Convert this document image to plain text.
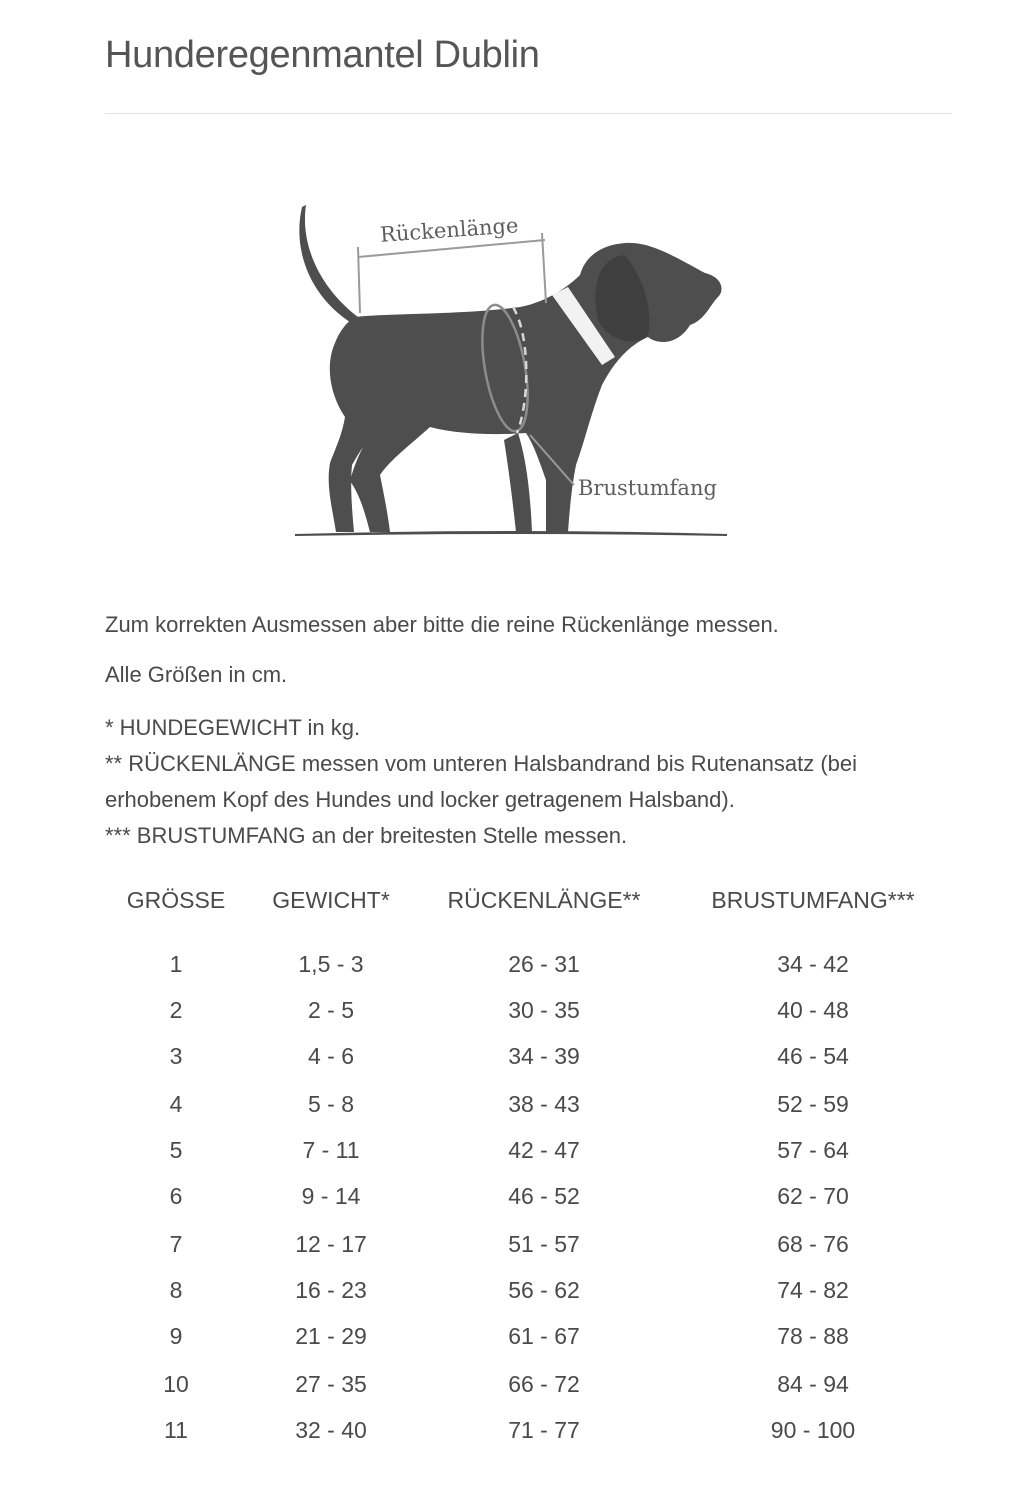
Hunderegenmantel Dublin
Rückenlänge
Brustumfang

Zum korrekten Ausmessen aber bitte die reine Rückenlänge messen.

Alle Größen in cm.

* HUNDEGEWICHT in kg.
** RÜCKENLÄNGE messen vom unteren Halsbandrand bis Rutenansatz (bei
erhobenem Kopf des Hundes und locker getragenem Halsband).
*** BRUSTUMFANG an der breitesten Stelle messen.
GRÖSSE GEWICHT*	RÜCKENLÄNGE**	BRUSTUMFANG***
1	1,5 - 3	26 - 31	34 - 42
2	2 - 5	30 - 35	40 - 48
3	4 - 6	34 - 39	46 - 54
4	5 - 8	38 - 43	52 - 59
5	7 - 11	42 - 47	57 - 64
6	9 - 14	46 - 52	62 - 70
7	12 - 17	51 - 57	68 - 76
8	16 - 23	56 - 62	74 - 82
9	21 - 29	61 - 67	78 - 88
10	27 - 35	66 - 72	84 - 94
11	32 - 40	71 - 77	90 - 100
